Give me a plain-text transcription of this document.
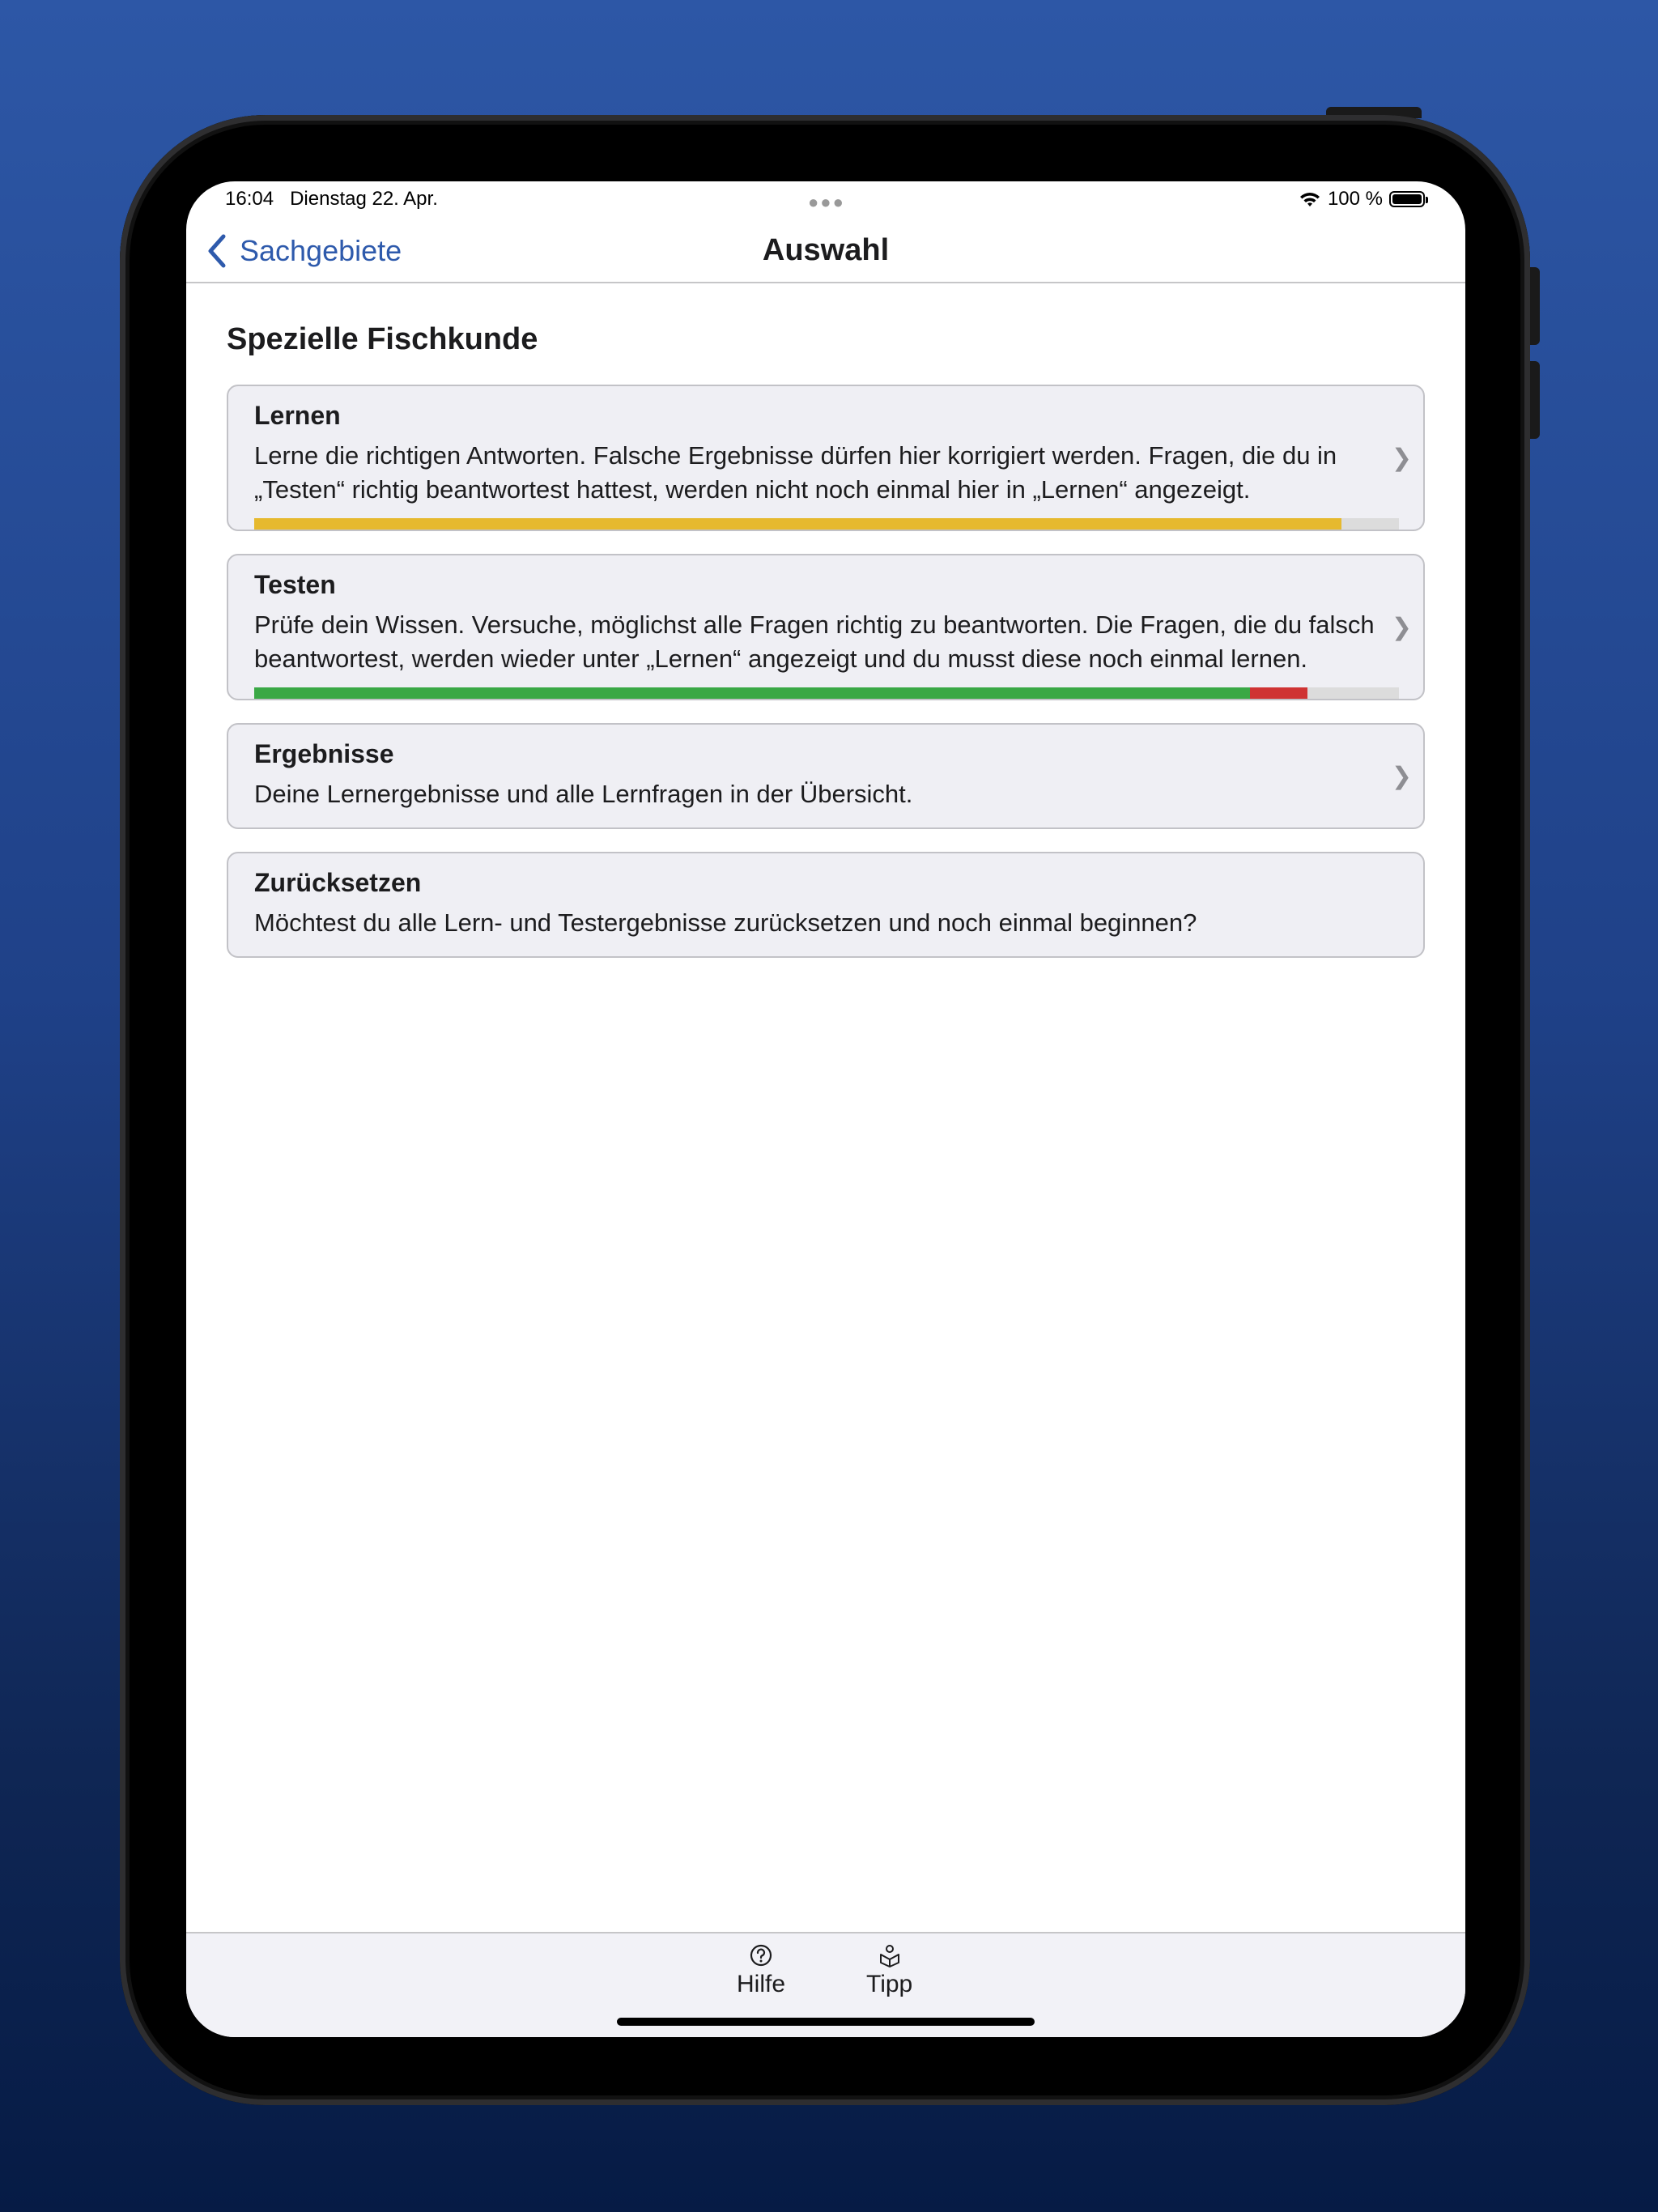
16:04 Dienstag 22. Apr.	●●●	100 %
Sachgebiete	Auswahl
Spezielle Fischkunde
Lernen

Lerne die richtigen Antworten. Falsche Ergebnisse dürfen hier korrigiert werden. Fragen, die du in „Testen“ richtig beantwortest hattest, werden nicht noch einmal hier in „Lernen“ angezeigt.

❯
Testen

Prüfe dein Wissen. Versuche, möglichst alle Fragen richtig zu beantworten. Die Fragen, die du falsch beantwortest, werden wieder unter „Lernen“ angezeigt und du musst diese noch einmal lernen.

❯
Ergebnisse

Deine Lernergebnisse und alle Lernfragen in der Übersicht.

❯
Zurücksetzen

Möchtest du alle Lern- und Testergebnisse zurücksetzen und noch einmal beginnen?

Hilfe	Tipp
